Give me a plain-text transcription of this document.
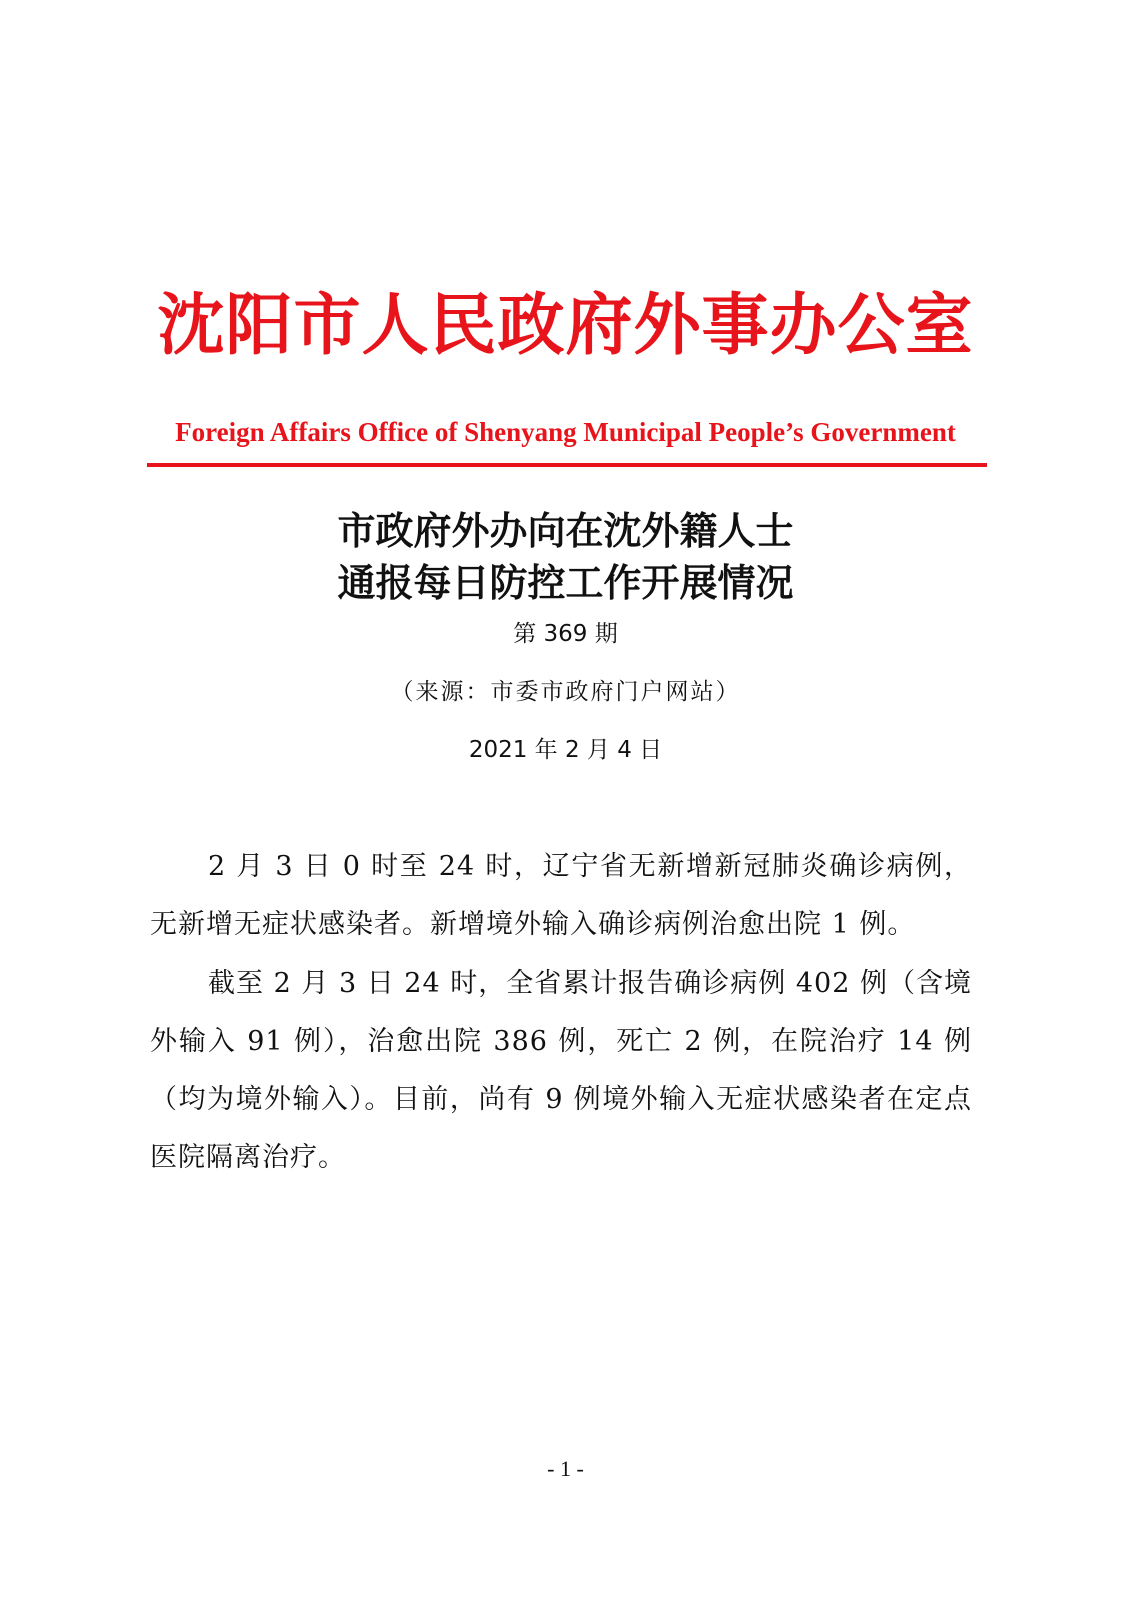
沈阳市人民政府外事办公室
Foreign Affairs Office of Shenyang Municipal People’s Government
市政府外办向在沈外籍人士
通报每日防控工作开展情况
第 369 期
（来源：市委市政府门户网站）
2021 年 2 月 4 日

2 月 3 日 0 时至 24 时，辽宁省无新增新冠肺炎确诊病例，无新增无症状感染者。新增境外输入确诊病例治愈出院 1 例。

截至 2 月 3 日 24 时，全省累计报告确诊病例 402 例（含境外输入 91 例），治愈出院 386 例，死亡 2 例，在院治疗 14 例（均为境外输入）。目前，尚有 9 例境外输入无症状感染者在定点医院隔离治疗。

- 1 -
